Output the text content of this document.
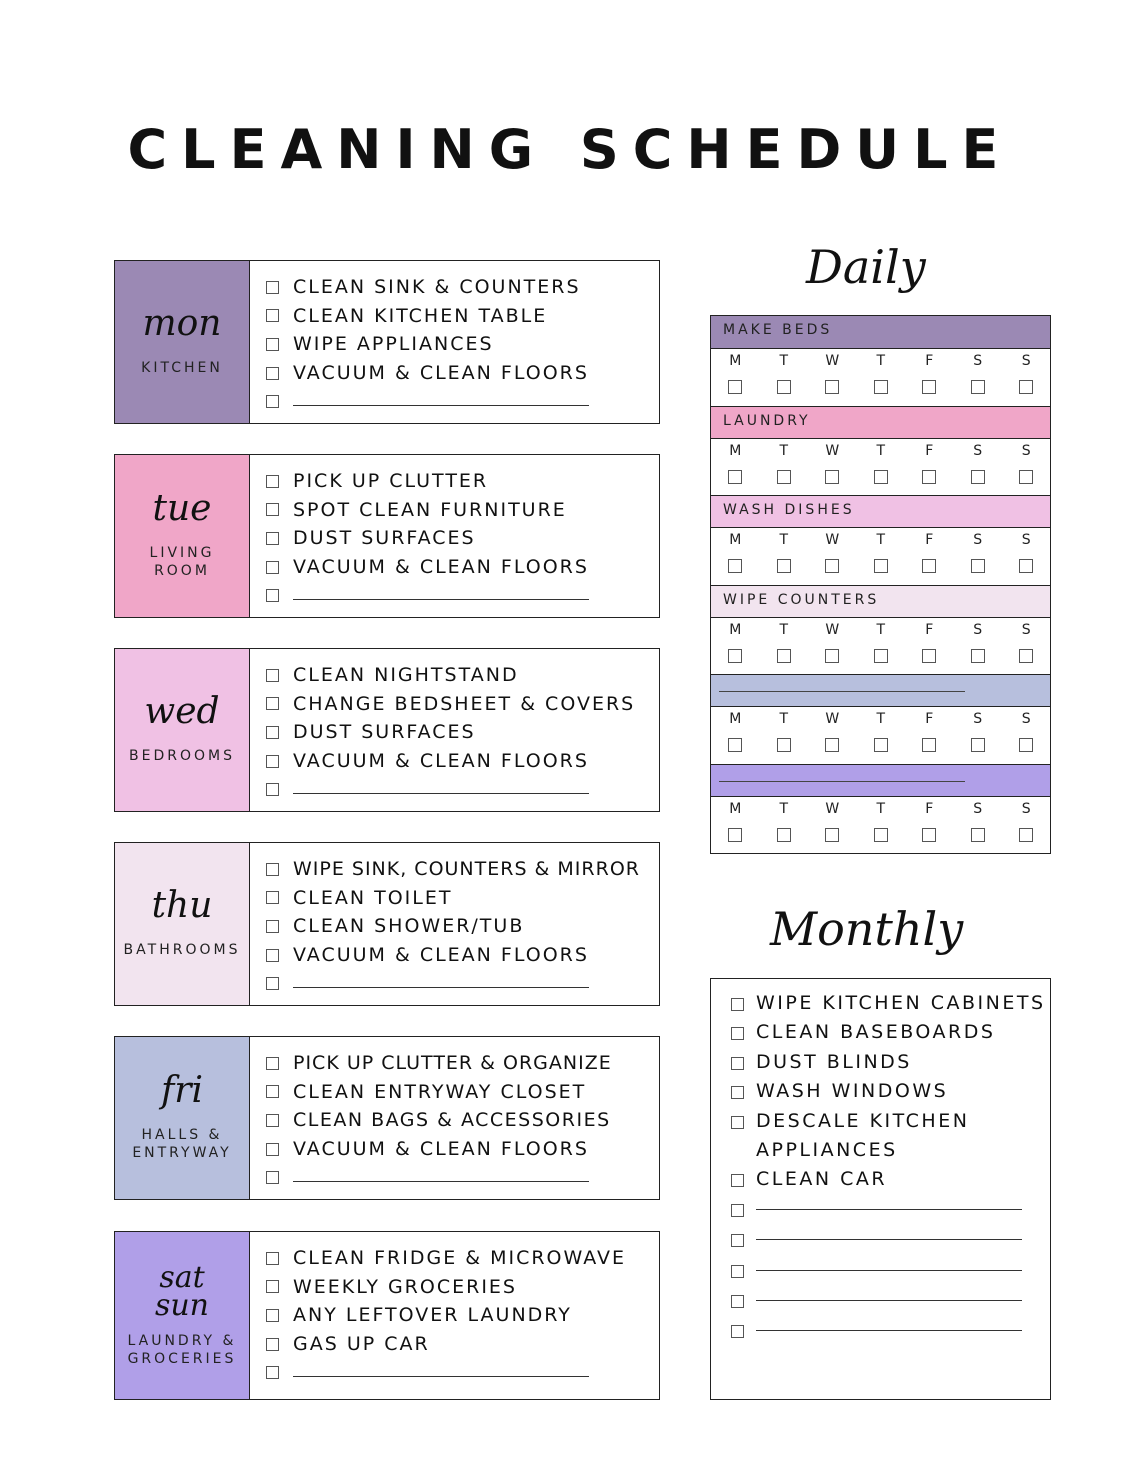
CLEANING SCHEDULE
mon
KITCHEN
CLEAN SINK & COUNTERS
CLEAN KITCHEN TABLE
WIPE APPLIANCES
VACUUM & CLEAN FLOORS
tue
LIVING
ROOM
PICK UP CLUTTER
SPOT CLEAN FURNITURE
DUST SURFACES
VACUUM & CLEAN FLOORS
wed
BEDROOMS
CLEAN NIGHTSTAND
CHANGE BEDSHEET & COVERS
DUST SURFACES
VACUUM & CLEAN FLOORS
thu
BATHROOMS
WIPE SINK, COUNTERS & MIRROR
CLEAN TOILET
CLEAN SHOWER/TUB
VACUUM & CLEAN FLOORS
fri
HALLS &
ENTRYWAY
PICK UP CLUTTER & ORGANIZE
CLEAN ENTRYWAY CLOSET
CLEAN BAGS & ACCESSORIES
VACUUM & CLEAN FLOORS
sat
sun
LAUNDRY &
GROCERIES
CLEAN FRIDGE & MICROWAVE
WEEKLY GROCERIES
ANY LEFTOVER LAUNDRY
GAS UP CAR
Daily
MAKE BEDS
M	T	W	T	F	S	S
LAUNDRY
M	T	W	T	F	S	S
WASH DISHES
M	T	W	T	F	S	S
WIPE COUNTERS
M	T	W	T	F	S	S
M	T	W	T	F	S	S
M	T	W	T	F	S	S
Monthly
WIPE KITCHEN CABINETS
CLEAN BASEBOARDS
DUST BLINDS
WASH WINDOWS
DESCALE KITCHEN
APPLIANCES
CLEAN CAR
